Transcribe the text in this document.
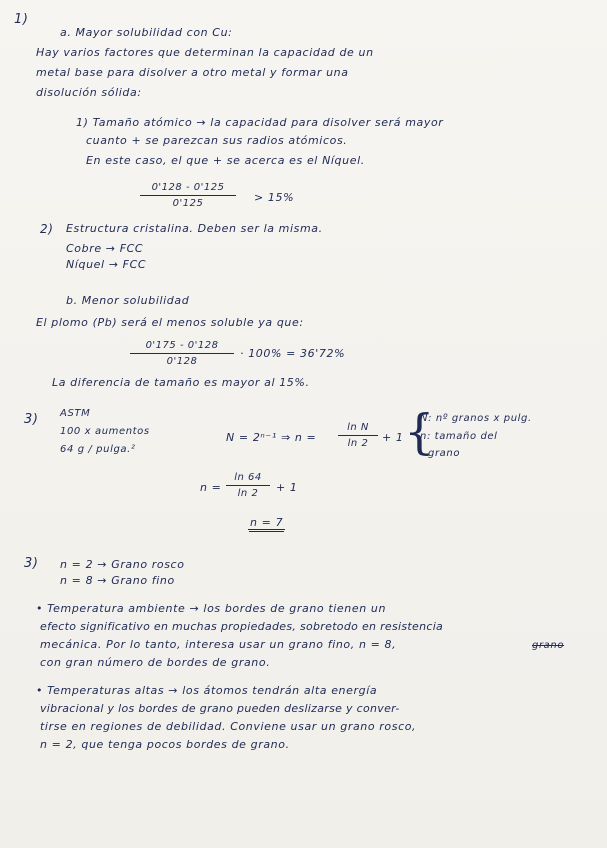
1)
a. Mayor solubilidad con Cu:
Hay varios factores que determinan la capacidad de un
metal base para disolver a otro metal y formar una
disolución sólida:
1) Tamaño atómico → la capacidad para disolver será mayor
cuanto + se parezcan sus radios atómicos.
En este caso, el que + se acerca es el Níquel.
0'128 - 0'125
0'125	> 15%
2) Estructura cristalina. Deben ser la misma.
Cobre → FCC
Níquel → FCC
b. Menor solubilidad
El plomo (Pb) será el menos soluble ya que:
0'175 - 0'128
0'128
· 100% = 36'72%
La diferencia de tamaño es mayor al 15%.
3) ASTM
100 x aumentos
64 g / pulga.²
N = 2ⁿ⁻¹ ⇒ n =
ln N
ln 2	+ 1 {
N: nº granos x pulg.
n: tamaño del
grano
n =
ln 64
ln 2	+ 1
n = 7
3) n = 2 → Grano rosco
n = 8 → Grano fino
• Temperatura ambiente → los bordes de grano tienen un
efecto significativo en muchas propiedades, sobretodo en resistencia
mecánica. Por lo tanto, interesa usar un grano fino, n = 8,	grano
con gran número de bordes de grano.
• Temperaturas altas → los átomos tendrán alta energía
vibracional y los bordes de grano pueden deslizarse y conver-
tirse en regiones de debilidad. Conviene usar un grano rosco,
n = 2, que tenga pocos bordes de grano.
